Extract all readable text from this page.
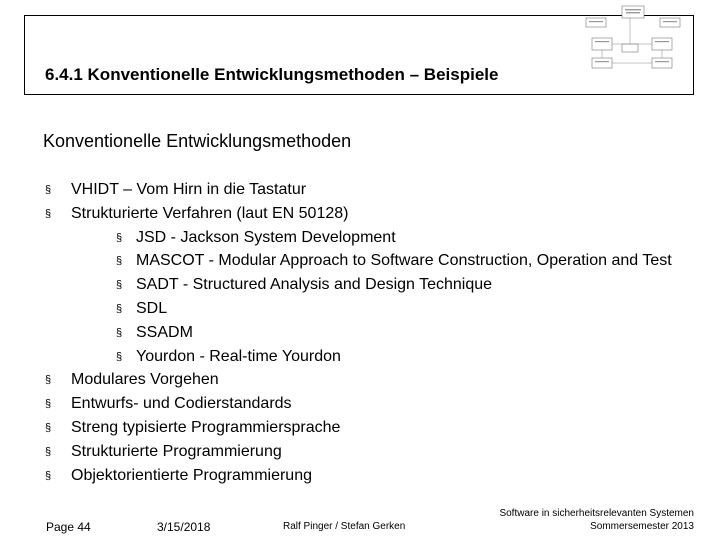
6.4.1 Konventionelle Entwicklungsmethoden – Beispiele
Konventionelle Entwicklungsmethoden
§ VHIDT – Vom Hirn in die Tastatur
§ Strukturierte Verfahren (laut EN 50128)
§ JSD - Jackson System Development
§ MASCOT - Modular Approach to Software Construction, Operation and Test
§ SADT - Structured Analysis and Design Technique
§ SDL
§ SSADM
§ Yourdon - Real-time Yourdon
§ Modulares Vorgehen
§ Entwurfs- und Codierstandards
§ Streng typisierte Programmiersprache
§ Strukturierte Programmierung
§ Objektorientierte Programmierung
Page 44	3/15/2018	Ralf Pinger / Stefan Gerken
Software in sicherheitsrelevanten Systemen
Sommersemester 2013
